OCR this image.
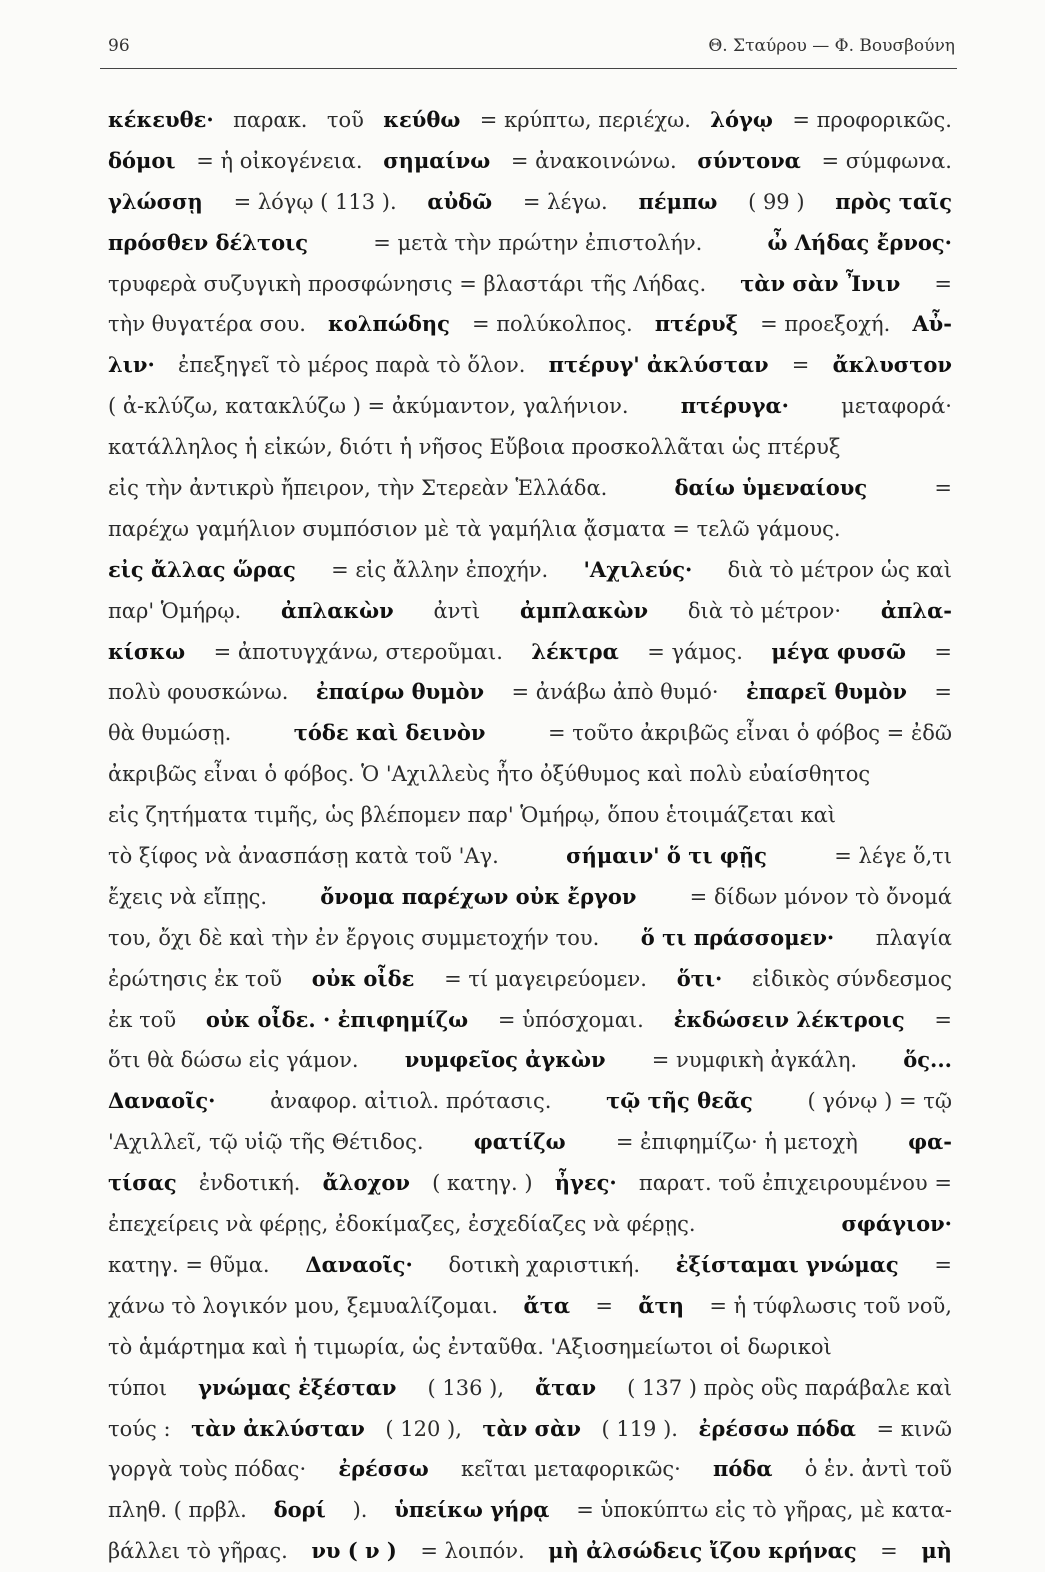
96	Θ. Σταύρου — Φ. Βουσβούνη
κέκευθε· παρακ. τοῦ κεύθω = κρύπτω, περιέχω. λόγῳ = προφορικῶς.
δόμοι = ἡ οἰκογένεια. σημαίνω = ἀνακοινώνω. σύντονα = σύμφωνα.
γλώσσῃ = λόγῳ ( 113 ). αὐδῶ = λέγω. πέμπω ( 99 ) πρὸς ταῖς
πρόσθεν δέλτοις	= μετὰ τὴν πρώτην ἐπιστολήν.	ὦ Λήδας ἔρνος·
τρυφερὰ συζυγικὴ προσφώνησις = βλαστάρι τῆς Λήδας. τὰν σὰν Ἶνιν =
τὴν θυγατέρα σου. κολπώδης = πολύκολπος. πτέρυξ = προεξοχή. Αὖ-
λιν· ἐπεξηγεῖ τὸ μέρος παρὰ τὸ ὅλον. πτέρυγ' ἀκλύσταν = ἄκλυστον
( ἀ-κλύζω, κατακλύζω ) = ἀκύμαντον, γαλήνιον. πτέρυγα· μεταφορά·
κατάλληλος ἡ εἰκών, διότι ἡ νῆσος Εὔβοια προσκολλᾶται ὡς πτέρυξ
εἰς τὴν ἀντικρὺ ἤπειρον, τὴν Στερεὰν Ἑλλάδα.	δαίω ὑμεναίους	=
παρέχω γαμήλιον συμπόσιον μὲ τὰ γαμήλια ᾄσματα = τελῶ γάμους.
εἰς ἄλλας ὥρας = εἰς ἄλλην ἐποχήν. 'Αχιλεύς· διὰ τὸ μέτρον ὡς καὶ
παρ' Ὁμήρῳ. ἀπλακὼν ἀντὶ ἀμπλακὼν διὰ τὸ μέτρον· ἀπλα-
κίσκω = ἀποτυγχάνω, στεροῦμαι. λέκτρα = γάμος. μέγα φυσῶ =
πολὺ φουσκώνω. ἐπαίρω θυμὸν = ἀνάβω ἀπὸ θυμό· ἐπαρεῖ θυμὸν =
θὰ θυμώσῃ.	τόδε καὶ δεινὸν	= τοῦτο ἀκριβῶς εἶναι ὁ φόβος = ἐδῶ
ἀκριβῶς εἶναι ὁ φόβος. Ὁ 'Αχιλλεὺς ἦτο ὀξύθυμος καὶ πολὺ εὐαίσθητος
εἰς ζητήματα τιμῆς, ὡς βλέπομεν παρ' Ὁμήρῳ, ὅπου ἑτοιμάζεται καὶ
τὸ ξίφος νὰ ἀνασπάσῃ κατὰ τοῦ 'Αγ.	σήμαιν' ὅ τι φῇς	= λέγε ὅ,τι
ἔχεις νὰ εἴπῃς.	ὄνομα παρέχων οὐκ ἔργον	= δίδων μόνον τὸ ὄνομά
του, ὄχι δὲ καὶ τὴν ἐν ἔργοις συμμετοχήν του. ὅ τι πράσσομεν· πλαγία
ἐρώτησις ἐκ τοῦ οὐκ οἶδε = τί μαγειρεύομεν. ὅτι· εἰδικὸς σύνδεσμος
ἐκ τοῦ οὐκ οἶδε. · ἐπιφημίζω = ὑπόσχομαι. ἐκδώσειν λέκτροις =
ὅτι θὰ δώσω εἰς γάμον. νυμφεῖος ἀγκὼν = νυμφικὴ ἀγκάλη. ὅς...
Δαναοῖς·	ἀναφορ. αἰτιολ. πρότασις.	τῷ τῆς θεᾶς	( γόνῳ ) = τῷ
'Αχιλλεῖ, τῷ υἱῷ τῆς Θέτιδος. φατίζω = ἐπιφημίζω· ἡ μετοχὴ φα-
τίσας ἐνδοτική. ἄλοχον ( κατηγ. ) ἦγες· παρατ. τοῦ ἐπιχειρουμένου =
ἐπεχείρεις νὰ φέρῃς, ἐδοκίμαζες, ἐσχεδίαζες νὰ φέρῃς.	σφάγιον·
κατηγ. = θῦμα. Δαναοῖς· δοτικὴ χαριστική. ἐξίσταμαι γνώμας =
χάνω τὸ λογικόν μου, ξεμυαλίζομαι. ἄτα = ἄτη = ἡ τύφλωσις τοῦ νοῦ,
τὸ ἁμάρτημα καὶ ἡ τιμωρία, ὡς ἐνταῦθα. 'Αξιοσημείωτοι οἱ δωρικοὶ
τύποι γνώμας ἐξέσταν ( 136 ), ἄταν ( 137 ) πρὸς οὓς παράβαλε καὶ
τούς : τὰν ἀκλύσταν ( 120 ), τὰν σὰν ( 119 ). ἐρέσσω πόδα = κινῶ
γοργὰ τοὺς πόδας· ἐρέσσω κεῖται μεταφορικῶς· πόδα ὁ ἑν. ἀντὶ τοῦ
πληθ. ( πρβλ. δορί ). ὑπείκω γήρᾳ = ὑποκύπτω εἰς τὸ γῆρας, μὲ κατα-
βάλλει τὸ γῆρας. νυ ( ν ) = λοιπόν. μὴ ἀλσώδεις ἴζου κρήνας = μὴ
